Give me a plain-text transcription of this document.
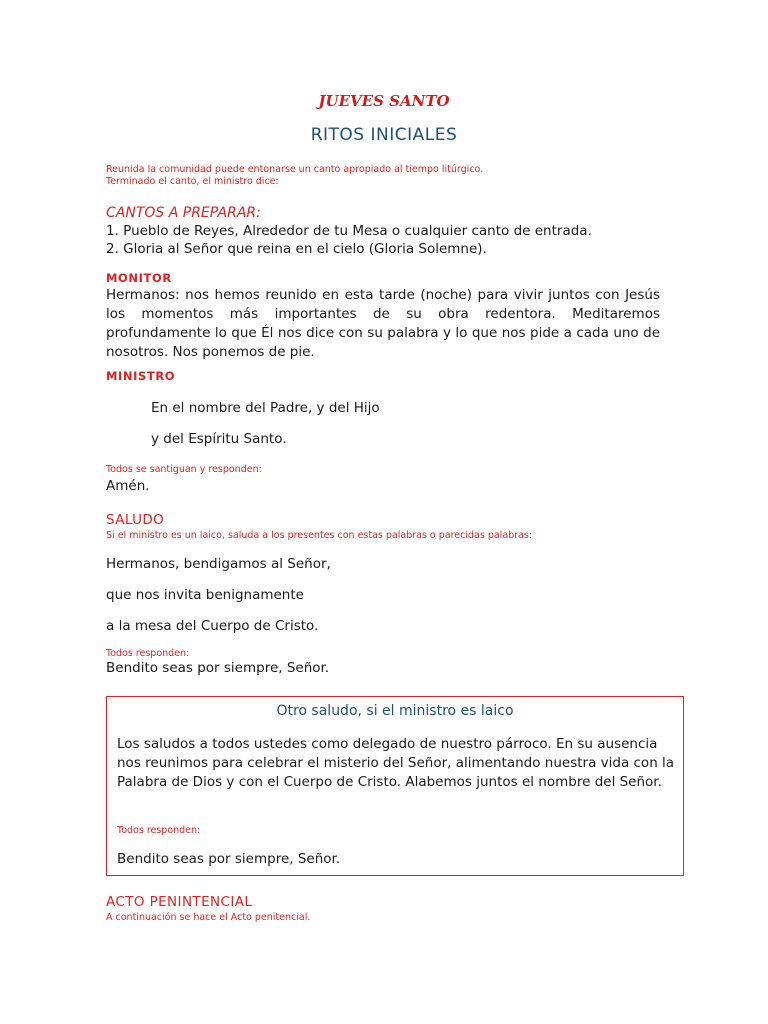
JUEVES SANTO
RITOS INICIALES
Reunida la comunidad puede entonarse un canto apropiado al tiempo litúrgico.
Terminado el canto, el ministro dice:
CANTOS A PREPARAR:
1. Pueblo de Reyes, Alrededor de tu Mesa o cualquier canto de entrada.
2. Gloria al Señor que reina en el cielo (Gloria Solemne).
MONITOR
Hermanos: nos hemos reunido en esta tarde (noche) para vivir juntos con Jesús los momentos más importantes de su obra redentora. Meditaremos profundamente lo que Él nos dice con su palabra y lo que nos pide a cada uno de nosotros. Nos ponemos de pie.
MINISTRO
En el nombre del Padre, y del Hijo
y del Espíritu Santo.
Todos se santiguan y responden:
Amén.
SALUDO
Si el ministro es un laico, saluda a los presentes con estas palabras o parecidas palabras:
Hermanos, bendigamos al Señor,
que nos invita benignamente
a la mesa del Cuerpo de Cristo.
Todos responden:
Bendito seas por siempre, Señor.
Otro saludo, si el ministro es laico
Los saludos a todos ustedes como delegado de nuestro párroco. En su ausencia nos reunimos para celebrar el misterio del Señor, alimentando nuestra vida con la Palabra de Dios y con el Cuerpo de Cristo. Alabemos juntos el nombre del Señor.
Todos responden:
Bendito seas por siempre, Señor.
ACTO PENINTENCIAL
A continuación se hace el Acto penitencial.
